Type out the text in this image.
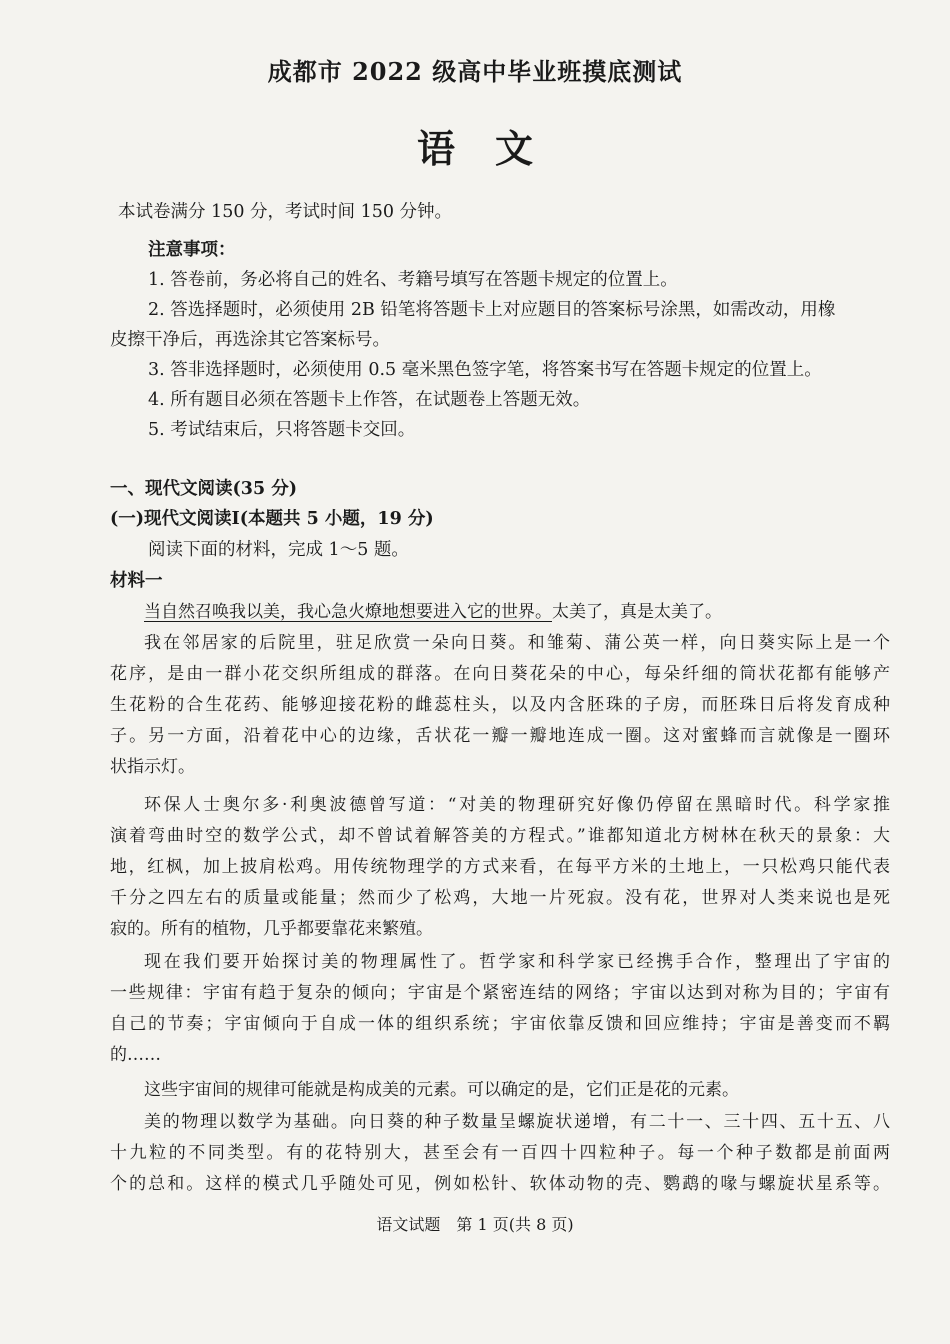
成都市 2022 级高中毕业班摸底测试
语文
本试卷满分 150 分，考试时间 150 分钟。
注意事项：
1. 答卷前，务必将自己的姓名、考籍号填写在答题卡规定的位置上。
2. 答选择题时，必须使用 2B 铅笔将答题卡上对应题目的答案标号涂黑，如需改动，用橡
皮擦干净后，再选涂其它答案标号。
3. 答非选择题时，必须使用 0.5 毫米黑色签字笔，将答案书写在答题卡规定的位置上。
4. 所有题目必须在答题卡上作答，在试题卷上答题无效。
5. 考试结束后，只将答题卡交回。
一、现代文阅读(35 分)
(一)现代文阅读Ⅰ(本题共 5 小题，19 分)
阅读下面的材料，完成 1～5 题。
材料一
当自然召唤我以美，我心急火燎地想要进入它的世界。太美了，真是太美了。
我在邻居家的后院里，驻足欣赏一朵向日葵。和雏菊、蒲公英一样，向日葵实际上是一个
花序，是由一群小花交织所组成的群落。在向日葵花朵的中心，每朵纤细的筒状花都有能够产
生花粉的合生花药、能够迎接花粉的雌蕊柱头，以及内含胚珠的子房，而胚珠日后将发育成种
子。另一方面，沿着花中心的边缘，舌状花一瓣一瓣地连成一圈。这对蜜蜂而言就像是一圈环
状指示灯。
环保人士奥尔多·利奥波德曾写道：“对美的物理研究好像仍停留在黑暗时代。科学家推
演着弯曲时空的数学公式，却不曾试着解答美的方程式。”谁都知道北方树林在秋天的景象：大
地，红枫，加上披肩松鸡。用传统物理学的方式来看，在每平方米的土地上，一只松鸡只能代表
千分之四左右的质量或能量；然而少了松鸡，大地一片死寂。没有花，世界对人类来说也是死
寂的。所有的植物，几乎都要靠花来繁殖。
现在我们要开始探讨美的物理属性了。哲学家和科学家已经携手合作，整理出了宇宙的
一些规律：宇宙有趋于复杂的倾向；宇宙是个紧密连结的网络；宇宙以达到对称为目的；宇宙有
自己的节奏；宇宙倾向于自成一体的组织系统；宇宙依靠反馈和回应维持；宇宙是善变而不羁
的……
这些宇宙间的规律可能就是构成美的元素。可以确定的是，它们正是花的元素。
美的物理以数学为基础。向日葵的种子数量呈螺旋状递增，有二十一、三十四、五十五、八
十九粒的不同类型。有的花特别大，甚至会有一百四十四粒种子。每一个种子数都是前面两
个的总和。这样的模式几乎随处可见，例如松针、软体动物的壳、鹦鹉的喙与螺旋状星系等。
语文试题　第 1 页(共 8 页)
